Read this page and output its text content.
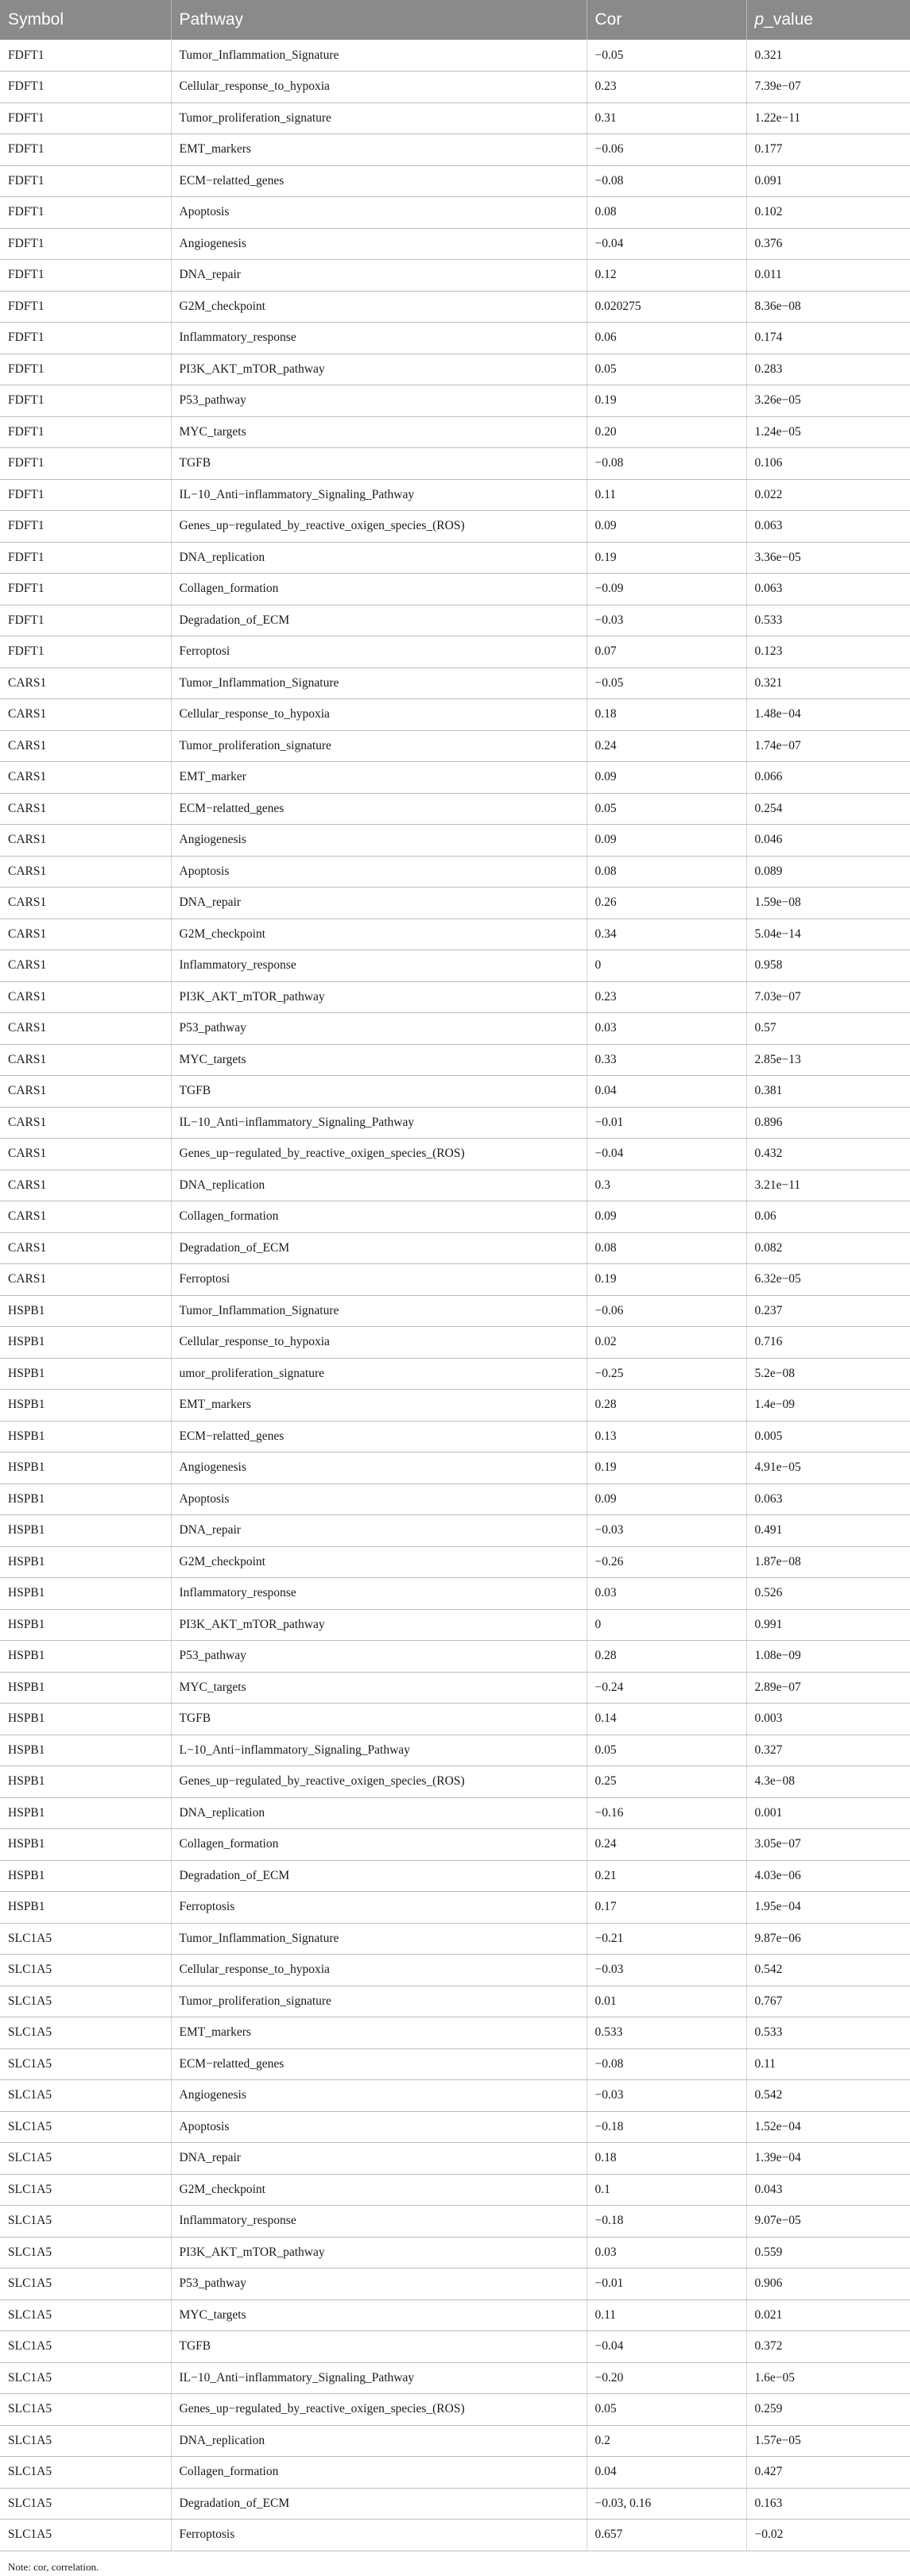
Symbol	Pathway	Cor	p_value
FDFT1	Tumor_Inflammation_Signature	−0.05	0.321
FDFT1	Cellular_response_to_hypoxia	0.23	7.39e−07
FDFT1	Tumor_proliferation_signature	0.31	1.22e−11
FDFT1	EMT_markers	−0.06	0.177
FDFT1	ECM−relatted_genes	−0.08	0.091
FDFT1	Apoptosis	0.08	0.102
FDFT1	Angiogenesis	−0.04	0.376
FDFT1	DNA_repair	0.12	0.011
FDFT1	G2M_checkpoint	0.020275	8.36e−08
FDFT1	Inflammatory_response	0.06	0.174
FDFT1	PI3K_AKT_mTOR_pathway	0.05	0.283
FDFT1	P53_pathway	0.19	3.26e−05
FDFT1	MYC_targets	0.20	1.24e−05
FDFT1	TGFB	−0.08	0.106
FDFT1	IL−10_Anti−inflammatory_Signaling_Pathway	0.11	0.022
FDFT1	Genes_up−regulated_by_reactive_oxigen_species_(ROS)	0.09	0.063
FDFT1	DNA_replication	0.19	3.36e−05
FDFT1	Collagen_formation	−0.09	0.063
FDFT1	Degradation_of_ECM	−0.03	0.533
FDFT1	Ferroptosi	0.07	0.123
CARS1	Tumor_Inflammation_Signature	−0.05	0.321
CARS1	Cellular_response_to_hypoxia	0.18	1.48e−04
CARS1	Tumor_proliferation_signature	0.24	1.74e−07
CARS1	EMT_marker	0.09	0.066
CARS1	ECM−relatted_genes	0.05	0.254
CARS1	Angiogenesis	0.09	0.046
CARS1	Apoptosis	0.08	0.089
CARS1	DNA_repair	0.26	1.59e−08
CARS1	G2M_checkpoint	0.34	5.04e−14
CARS1	Inflammatory_response	0	0.958
CARS1	PI3K_AKT_mTOR_pathway	0.23	7.03e−07
CARS1	P53_pathway	0.03	0.57
CARS1	MYC_targets	0.33	2.85e−13
CARS1	TGFB	0.04	0.381
CARS1	IL−10_Anti−inflammatory_Signaling_Pathway	−0.01	0.896
CARS1	Genes_up−regulated_by_reactive_oxigen_species_(ROS)	−0.04	0.432
CARS1	DNA_replication	0.3	3.21e−11
CARS1	Collagen_formation	0.09	0.06
CARS1	Degradation_of_ECM	0.08	0.082
CARS1	Ferroptosi	0.19	6.32e−05
HSPB1	Tumor_Inflammation_Signature	−0.06	0.237
HSPB1	Cellular_response_to_hypoxia	0.02	0.716
HSPB1	umor_proliferation_signature	−0.25	5.2e−08
HSPB1	EMT_markers	0.28	1.4e−09
HSPB1	ECM−relatted_genes	0.13	0.005
HSPB1	Angiogenesis	0.19	4.91e−05
HSPB1	Apoptosis	0.09	0.063
HSPB1	DNA_repair	−0.03	0.491
HSPB1	G2M_checkpoint	−0.26	1.87e−08
HSPB1	Inflammatory_response	0.03	0.526
HSPB1	PI3K_AKT_mTOR_pathway	0	0.991
HSPB1	P53_pathway	0.28	1.08e−09
HSPB1	MYC_targets	−0.24	2.89e−07
HSPB1	TGFB	0.14	0.003
HSPB1	L−10_Anti−inflammatory_Signaling_Pathway	0.05	0.327
HSPB1	Genes_up−regulated_by_reactive_oxigen_species_(ROS)	0.25	4.3e−08
HSPB1	DNA_replication	−0.16	0.001
HSPB1	Collagen_formation	0.24	3.05e−07
HSPB1	Degradation_of_ECM	0.21	4.03e−06
HSPB1	Ferroptosis	0.17	1.95e−04
SLC1A5	Tumor_Inflammation_Signature	−0.21	9.87e−06
SLC1A5	Cellular_response_to_hypoxia	−0.03	0.542
SLC1A5	Tumor_proliferation_signature	0.01	0.767
SLC1A5	EMT_markers	0.533	0.533
SLC1A5	ECM−relatted_genes	−0.08	0.11
SLC1A5	Angiogenesis	−0.03	0.542
SLC1A5	Apoptosis	−0.18	1.52e−04
SLC1A5	DNA_repair	0.18	1.39e−04
SLC1A5	G2M_checkpoint	0.1	0.043
SLC1A5	Inflammatory_response	−0.18	9.07e−05
SLC1A5	PI3K_AKT_mTOR_pathway	0.03	0.559
SLC1A5	P53_pathway	−0.01	0.906
SLC1A5	MYC_targets	0.11	0.021
SLC1A5	TGFB	−0.04	0.372
SLC1A5	IL−10_Anti−inflammatory_Signaling_Pathway	−0.20	1.6e−05
SLC1A5	Genes_up−regulated_by_reactive_oxigen_species_(ROS)	0.05	0.259
SLC1A5	DNA_replication	0.2	1.57e−05
SLC1A5	Collagen_formation	0.04	0.427
SLC1A5	Degradation_of_ECM	−0.03, 0.16	0.163
SLC1A5	Ferroptosis	0.657	−0.02
Note: cor, correlation.
